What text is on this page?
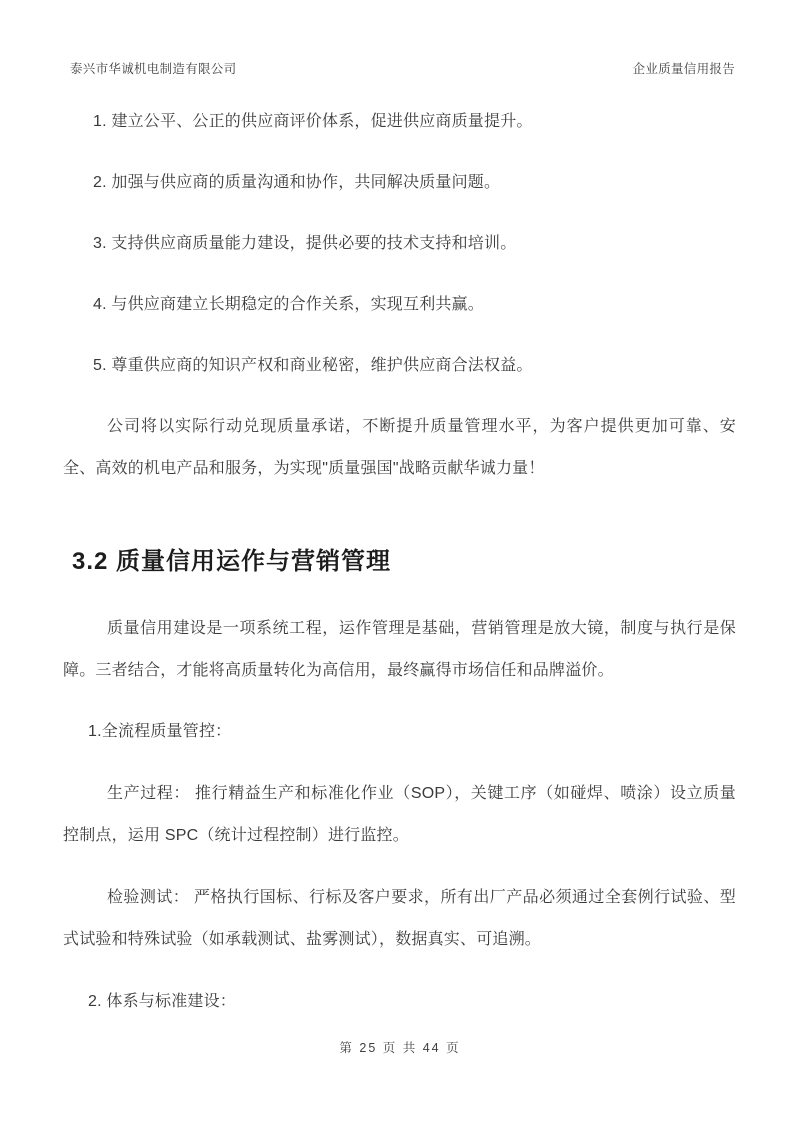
泰兴市华诚机电制造有限公司	企业质量信用报告
1. 建立公平、公正的供应商评价体系，促进供应商质量提升。
2. 加强与供应商的质量沟通和协作，共同解决质量问题。
3. 支持供应商质量能力建设，提供必要的技术支持和培训。
4. 与供应商建立长期稳定的合作关系，实现互利共赢。
5. 尊重供应商的知识产权和商业秘密，维护供应商合法权益。
公司将以实际行动兑现质量承诺，不断提升质量管理水平，为客户提供更加可靠、安全、高效的机电产品和服务，为实现"质量强国"战略贡献华诚力量！
3.2 质量信用运作与营销管理
质量信用建设是一项系统工程，运作管理是基础，营销管理是放大镜，制度与执行是保障。三者结合，才能将高质量转化为高信用，最终赢得市场信任和品牌溢价。
1.全流程质量管控：
生产过程： 推行精益生产和标准化作业（SOP），关键工序（如碰焊、喷涂）设立质量控制点，运用 SPC（统计过程控制）进行监控。
检验测试： 严格执行国标、行标及客户要求，所有出厂产品必须通过全套例行试验、型式试验和特殊试验（如承载测试、盐雾测试），数据真实、可追溯。
2. 体系与标准建设：
第 25 页 共 44 页
